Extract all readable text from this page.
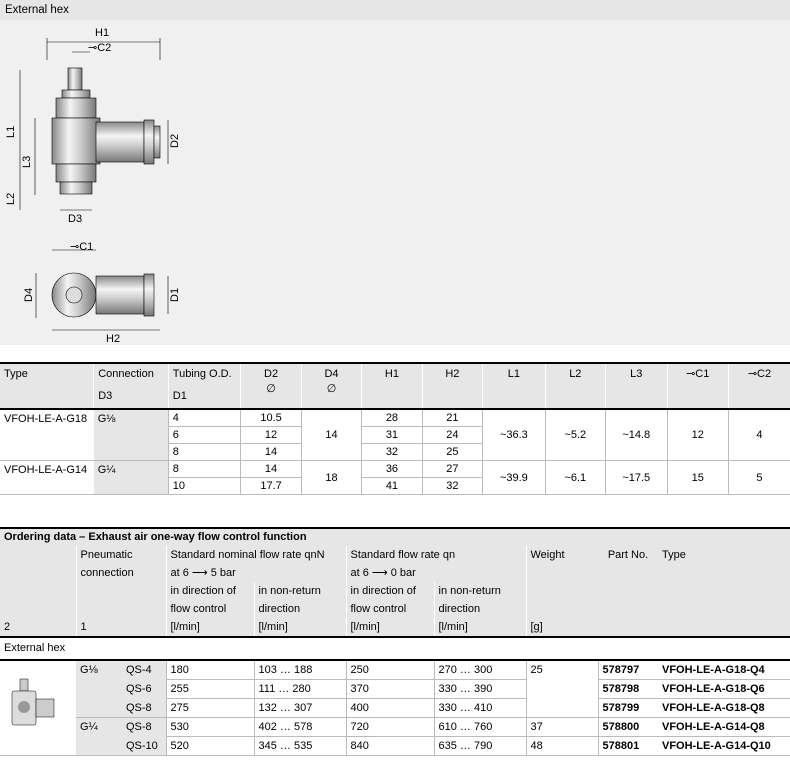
External hex
H1
⊸C2
L1
L3
L2
D2
D3
⊸C1
D4	D1
H2
Type	Connection	Tubing O.D.	D2	D4	H1	H2	L1	L2	L3	⊸C1	⊸C2
	D3	D1	∅	∅							
VFOH-LE-A-G18	G⅛	4	10.5	14	28	21	~36.3	~5.2	~14.8	12	4
		6	12		31	24					
		8	14		32	25					
VFOH-LE-A-G14	G¼	8	14	18	36	27	~39.9	~6.1	~17.5	15	5
		10	17.7		41	32					
Ordering data – Exhaust air one-way flow control function									
	Pneumatic		Standard nominal flow rate qnN		Standard flow rate qn		Weight	Part No.	Type
	connection		at 6 ⟶ 5 bar		at 6 ⟶ 0 bar				
			in direction of	in non-return	in direction of	in non-return			
			flow control	direction	flow control	direction			
2	1		[l/min]	[l/min]	[l/min]	[l/min]	[g]		
External hex									
	G⅛	QS-4	180	103 … 188	250	270 … 300	25	578797	VFOH-LE-A-G18-Q4
		QS-6	255	111 … 280	370	330 … 390		578798	VFOH-LE-A-G18-Q6
		QS-8	275	132 … 307	400	330 … 410		578799	VFOH-LE-A-G18-Q8
	G¼	QS-8	530	402 … 578	720	610 … 760	37	578800	VFOH-LE-A-G14-Q8
		QS-10	520	345 … 535	840	635 … 790	48	578801	VFOH-LE-A-G14-Q10
